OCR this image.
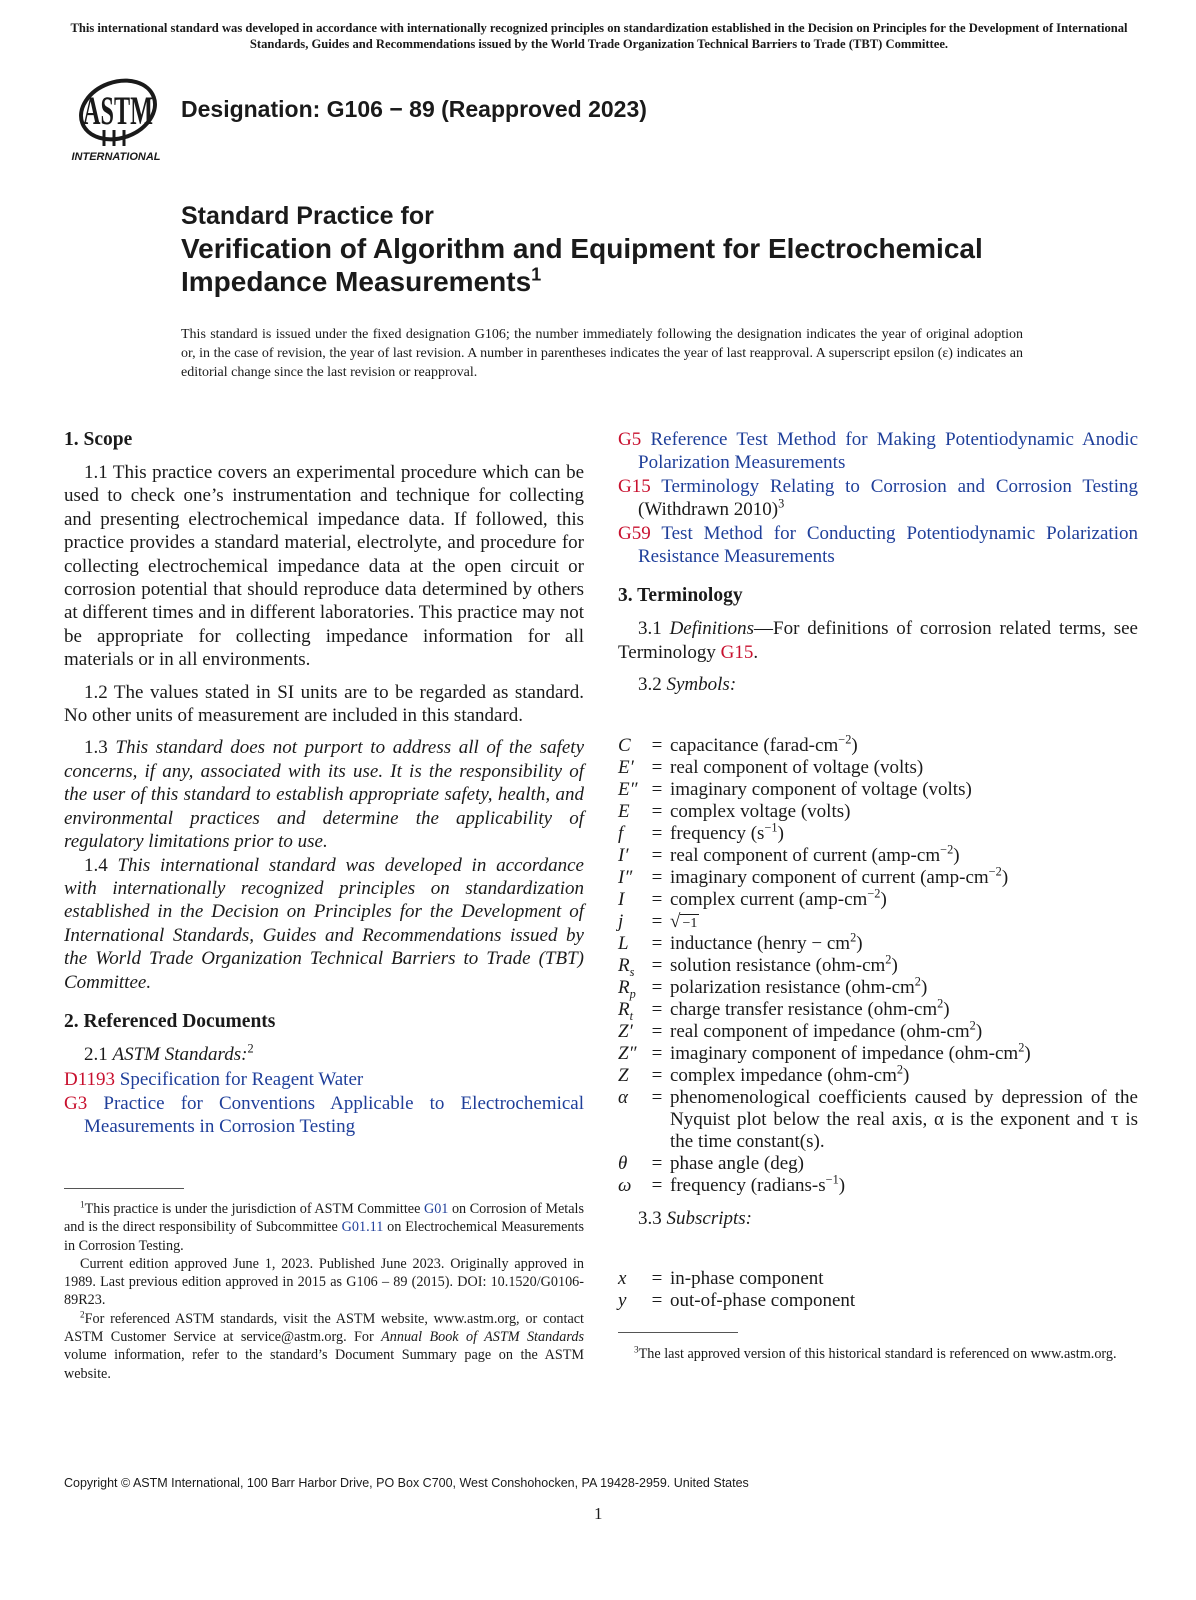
This international standard was developed in accordance with internationally recognized principles on standardization established in the Decision on Principles for the Development of International Standards, Guides and Recommendations issued by the World Trade Organization Technical Barriers to Trade (TBT) Committee.
ASTM
INTERNATIONAL
Designation: G106 − 89 (Reapproved 2023)
Standard Practice for
Verification of Algorithm and Equipment for Electrochemical Impedance Measurements$^1$
This standard is issued under the fixed designation G106; the number immediately following the designation indicates the year of original adoption or, in the case of revision, the year of last revision. A number in parentheses indicates the year of last reapproval. A superscript epsilon (ε) indicates an editorial change since the last revision or reapproval.
1. Scope

1.1 This practice covers an experimental procedure which can be used to check one’s instrumentation and technique for collecting and presenting electrochemical impedance data. If followed, this practice provides a standard material, electrolyte, and procedure for collecting electrochemical impedance data at the open circuit or corrosion potential that should reproduce data determined by others at different times and in different laboratories. This practice may not be appropriate for collecting impedance information for all materials or in all environments.

1.2 The values stated in SI units are to be regarded as standard. No other units of measurement are included in this standard.

1.3 This standard does not purport to address all of the safety concerns, if any, associated with its use. It is the responsibility of the user of this standard to establish appropriate safety, health, and environmental practices and determine the applicability of regulatory limitations prior to use.

1.4 This international standard was developed in accordance with internationally recognized principles on standardization established in the Decision on Principles for the Development of International Standards, Guides and Recommendations issued by the World Trade Organization Technical Barriers to Trade (TBT) Committee.

2. Referenced Documents

2.1 ASTM Standards:$^2$

D1193 Specification for Reagent Water

G3 Practice for Conventions Applicable to Electrochemical Measurements in Corrosion Testing

G5 Reference Test Method for Making Potentiodynamic Anodic Polarization Measurements

G15 Terminology Relating to Corrosion and Corrosion Testing (Withdrawn 2010)$^3$

G59 Test Method for Conducting Potentiodynamic Polarization Resistance Measurements

3. Terminology

3.1 Definitions—For definitions of corrosion related terms, see Terminology G15.

3.2 Symbols:

C	= capacitance $(farad-cm^{-2})$
E′ = real component of voltage (volts)
E″ = imaginary component of voltage (volts)
E	= complex voltage (volts)
f	= frequency $(s^{-1})$
I′	= real component of current $(amp-cm^{-2})$
I″	= imaginary component of current $(amp-cm^{-2})$
I	= complex current $(amp-cm^{-2})$
j	= √ −1
L	= inductance (henry − $cm^2$)
$R_s$ = solution resistance $(ohm-cm^2)$
$R_p$ = polarization resistance $(ohm-cm^2)$
$R_t$ = charge transfer resistance $(ohm-cm^2)$
Z′ = real component of impedance $(ohm-cm^2)$
Z″ = imaginary component of impedance $(ohm-cm^2)$
Z	= complex impedance $(ohm-cm^2)$
α	= phenomenological coefficients caused by depression of the Nyquist plot below the real axis, α is the exponent and τ is the time constant(s).
θ	= phase angle (deg)
ω	= frequency $(radians-s^{-1})$

3.3 Subscripts:

x	= in-phase component
y	= out-of-phase component

$^1$This practice is under the jurisdiction of ASTM Committee G01 on Corrosion of Metals and is the direct responsibility of Subcommittee G01.11 on Electrochemical Measurements in Corrosion Testing.

Current edition approved June 1, 2023. Published June 2023. Originally approved in 1989. Last previous edition approved in 2015 as G106 – 89 (2015). DOI: 10.1520/G0106-89R23.

$^2$For referenced ASTM standards, visit the ASTM website, www.astm.org, or contact ASTM Customer Service at service@astm.org. For Annual Book of ASTM Standards volume information, refer to the standard’s Document Summary page on the ASTM website.

$^3$The last approved version of this historical standard is referenced on www.astm.org.

Copyright © ASTM International, 100 Barr Harbor Drive, PO Box C700, West Conshohocken, PA 19428-2959. United States
1
